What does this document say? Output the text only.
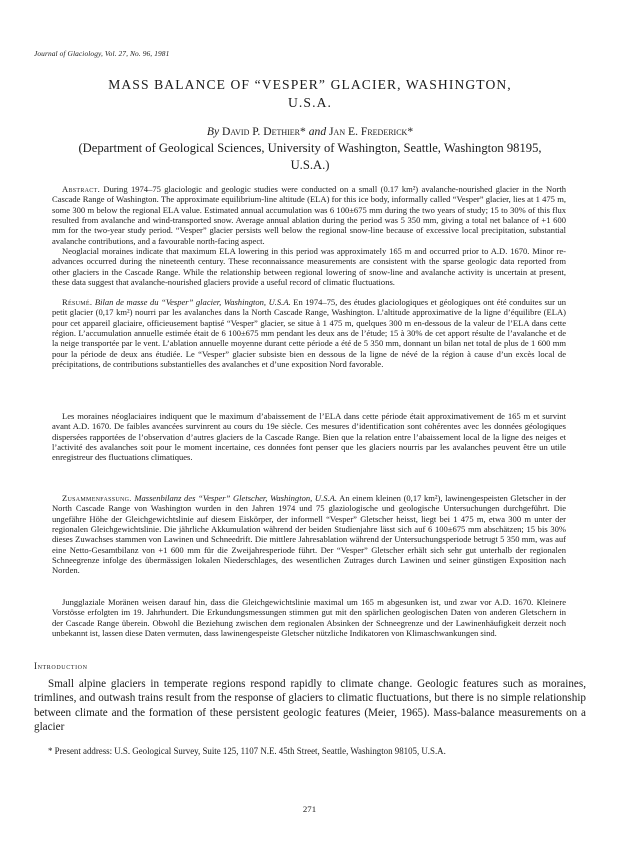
Journal of Glaciology, Vol. 27, No. 96, 1981
MASS BALANCE OF “VESPER” GLACIER, WASHINGTON,
U.S.A.
By David P. Dethier* and Jan E. Frederick*
(Department of Geological Sciences, University of Washington, Seattle, Washington 98195,
U.S.A.)
Abstract. During 1974–75 glaciologic and geologic studies were conducted on a small (0.17 km²) avalanche-nourished glacier in the North Cascade Range of Washington. The approximate equilibrium-line altitude (ELA) for this ice body, informally called “Vesper” glacier, lies at 1 475 m, some 300 m below the regional ELA value. Estimated annual accumulation was 6 100±675 mm during the two years of study; 15 to 30% of this flux resulted from avalanche and wind-transported snow. Average annual ablation during the period was 5 350 mm, giving a total net balance of +1 600 mm for the two-year study period. “Vesper” glacier persists well below the regional snow-line because of excessive local precipitation, substantial avalanche contributions, and a favourable north-facing aspect.
Neoglacial moraines indicate that maximum ELA lowering in this period was approximately 165 m and occurred prior to A.D. 1670. Minor re-advances occurred during the nineteenth century. These reconnaissance measurements are consistent with the sparse geologic data reported from other glaciers in the Cascade Range. While the relationship between regional lowering of snow-line and avalanche activity is uncertain at present, these data suggest that avalanche-nourished glaciers provide a useful record of climatic fluctuations.
Résumé. Bilan de masse du “Vesper” glacier, Washington, U.S.A. En 1974–75, des études glaciologiques et géologiques ont été conduites sur un petit glacier (0,17 km²) nourri par les avalanches dans la North Cascade Range, Washington. L’altitude approximative de la ligne d’équilibre (ELA) pour cet appareil glaciaire, officieusement baptisé “Vesper” glacier, se situe à 1 475 m, quelques 300 m en-dessous de la valeur de l’ELA dans cette région. L’accumulation annuelle estimée était de 6 100±675 mm pendant les deux ans de l’étude; 15 à 30% de cet apport résulte de l’avalanche et de la neige transportée par le vent. L’ablation annuelle moyenne durant cette période a été de 5 350 mm, donnant un bilan net total de plus de 1 600 mm pour la période de deux ans étudiée. Le “Vesper” glacier subsiste bien en dessous de la ligne de névé de la région à cause d’un excès local de précipitations, de contributions substantielles des avalanches et d’une exposition Nord favorable.
Les moraines néoglaciaires indiquent que le maximum d’abaissement de l’ELA dans cette période était approximativement de 165 m et survint avant A.D. 1670. De faibles avancées survinrent au cours du 19e siècle. Ces mesures d’identification sont cohérentes avec les données géologiques dispersées rapportées de l’observation d’autres glaciers de la Cascade Range. Bien que la relation entre l’abaissement local de la ligne des neiges et l’activité des avalanches soit pour le moment incertaine, ces données font penser que les glaciers nourris par les avalanches peuvent être un utile enregistreur des fluctuations climatiques.
Zusammenfassung. Massenbilanz des “Vesper” Gletscher, Washington, U.S.A. An einem kleinen (0,17 km²), lawinengespeisten Gletscher in der North Cascade Range von Washington wurden in den Jahren 1974 und 75 glaziologische und geologische Untersuchungen durchgeführt. Die ungefähre Höhe der Gleichgewichtslinie auf diesem Eiskörper, der informell “Vesper” Gletscher heisst, liegt bei 1 475 m, etwa 300 m unter der regionalen Gleichgewichtslinie. Die jährliche Akkumulation während der beiden Studienjahre lässt sich auf 6 100±675 mm abschätzen; 15 bis 30% dieses Zuwachses stammen von Lawinen und Schneedrift. Die mittlere Jahresablation während der Untersuchungsperiode betrugt 5 350 mm, was auf eine Netto-Gesamtbilanz von +1 600 mm für die Zweijahresperiode führt. Der “Vesper” Gletscher erhält sich sehr gut unterhalb der regionalen Schneegrenze infolge des übermässigen lokalen Niederschlages, des wesentlichen Zutrages durch Lawinen und seiner günstigen Exposition nach Norden.
Jungglaziale Moränen weisen darauf hin, dass die Gleichgewichtslinie maximal um 165 m abgesunken ist, und zwar vor A.D. 1670. Kleinere Vorstösse erfolgten im 19. Jahrhundert. Die Erkundungsmessungen stimmen gut mit den spärlichen geologischen Daten von anderen Gletschern in der Cascade Range überein. Obwohl die Beziehung zwischen dem regionalen Absinken der Schneegrenze und der Lawinenhäufigkeit derzeit noch unbekannt ist, lassen diese Daten vermuten, dass lawinengespeiste Gletscher nützliche Indikatoren von Klimaschwankungen sind.
Introduction
Small alpine glaciers in temperate regions respond rapidly to climate change. Geologic features such as moraines, trimlines, and outwash trains result from the response of glaciers to climatic fluctuations, but there is no simple relationship between climate and the formation of these persistent geologic features (Meier, 1965). Mass-balance measurements on a glacier
* Present address: U.S. Geological Survey, Suite 125, 1107 N.E. 45th Street, Seattle, Washington 98105, U.S.A.
271
